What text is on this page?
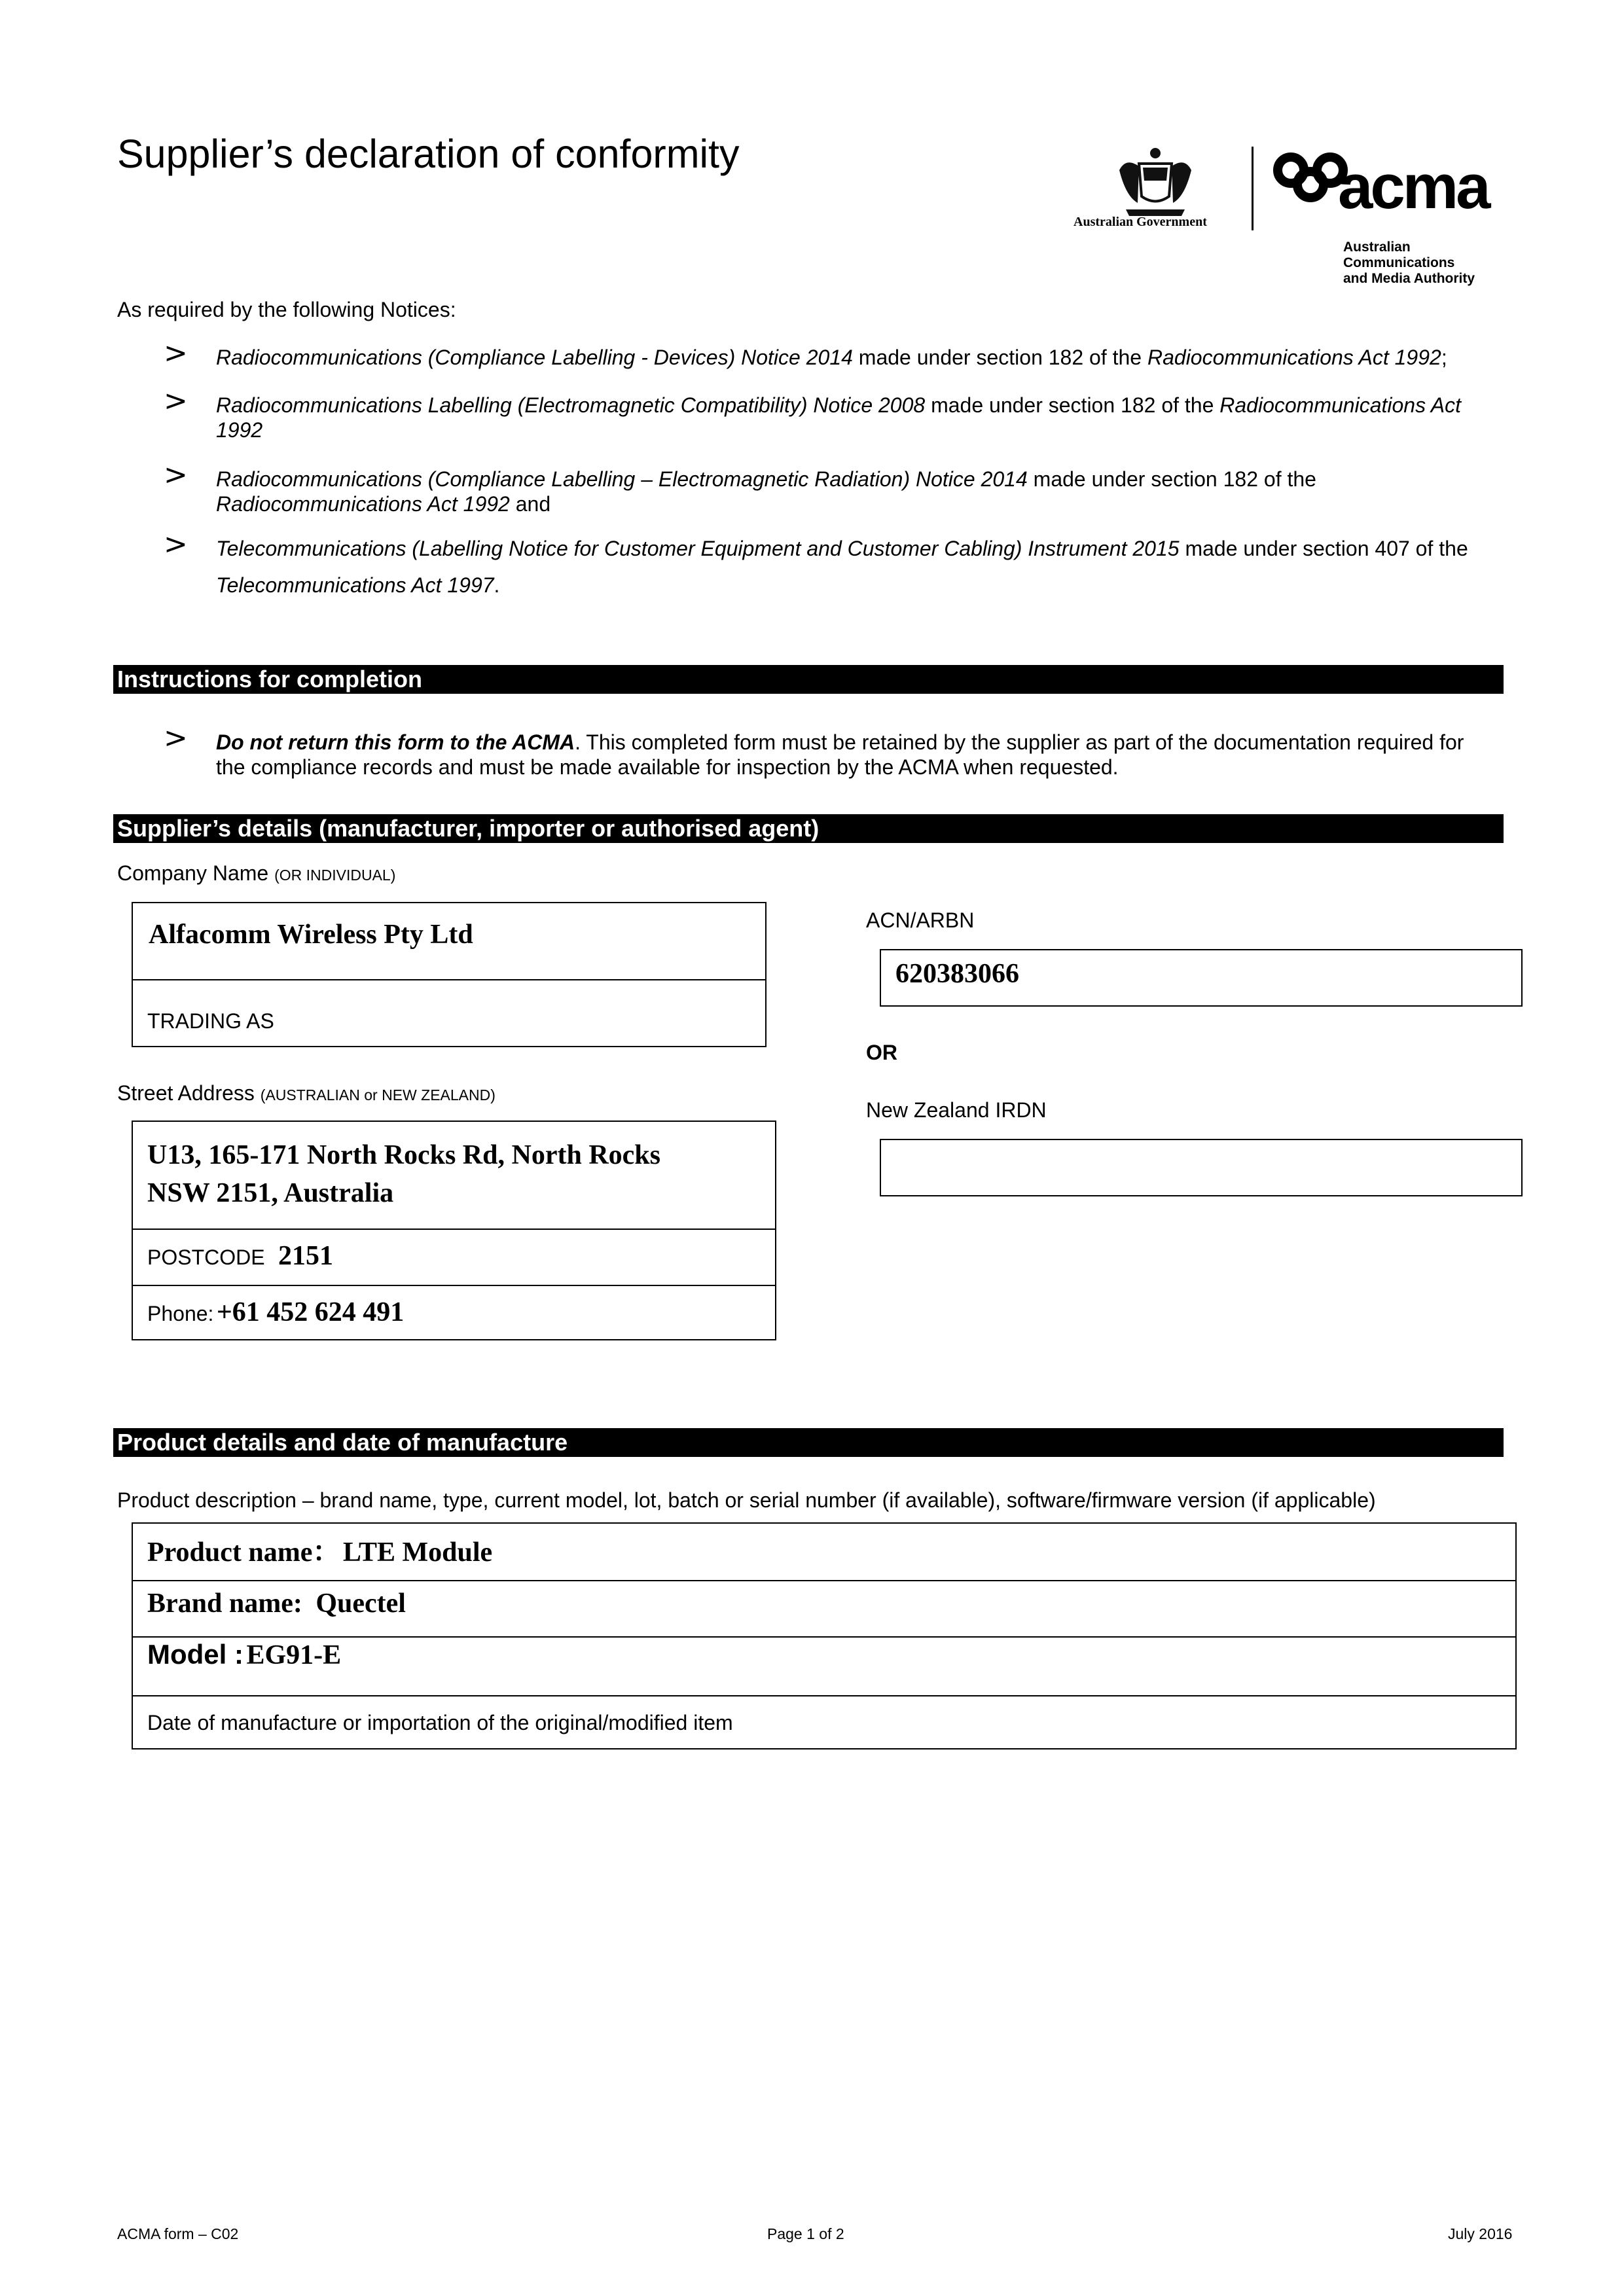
Supplier’s declaration of conformity
Australian Government acma
Australian
Communications
and Media Authority
As required by the following Notices:
> Radiocommunications (Compliance Labelling - Devices) Notice 2014 made under section 182 of the Radiocommunications Act 1992;
> Radiocommunications Labelling (Electromagnetic Compatibility) Notice 2008 made under section 182 of the Radiocommunications Act 1992
> Radiocommunications (Compliance Labelling – Electromagnetic Radiation) Notice 2014 made under section 182 of the Radiocommunications Act 1992 and
> Telecommunications (Labelling Notice for Customer Equipment and Customer Cabling) Instrument 2015 made under section 407 of the Telecommunications Act 1997.
Instructions for completion
> Do not return this form to the ACMA. This completed form must be retained by the supplier as part of the documentation required for the compliance records and must be made available for inspection by the ACMA when requested.
Supplier’s details (manufacturer, importer or authorised agent)
Company Name (OR INDIVIDUAL)
Alfacomm Wireless Pty Ltd
TRADING AS
Street Address (AUSTRALIAN or NEW ZEALAND)
U13, 165-171 North Rocks Rd, North Rocks
NSW 2151, Australia
POSTCODE 2151
Phone: +61 452 624 491
ACN/ARBN
620383066
OR
New Zealand IRDN
Product details and date of manufacture
Product description – brand name, type, current model, lot, batch or serial number (if available), software/firmware version (if applicable)
Product name： LTE Module
Brand name: Quectel
Model : EG91-E
Date of manufacture or importation of the original/modified item
ACMA form – C02	Page 1 of 2	July 2016
